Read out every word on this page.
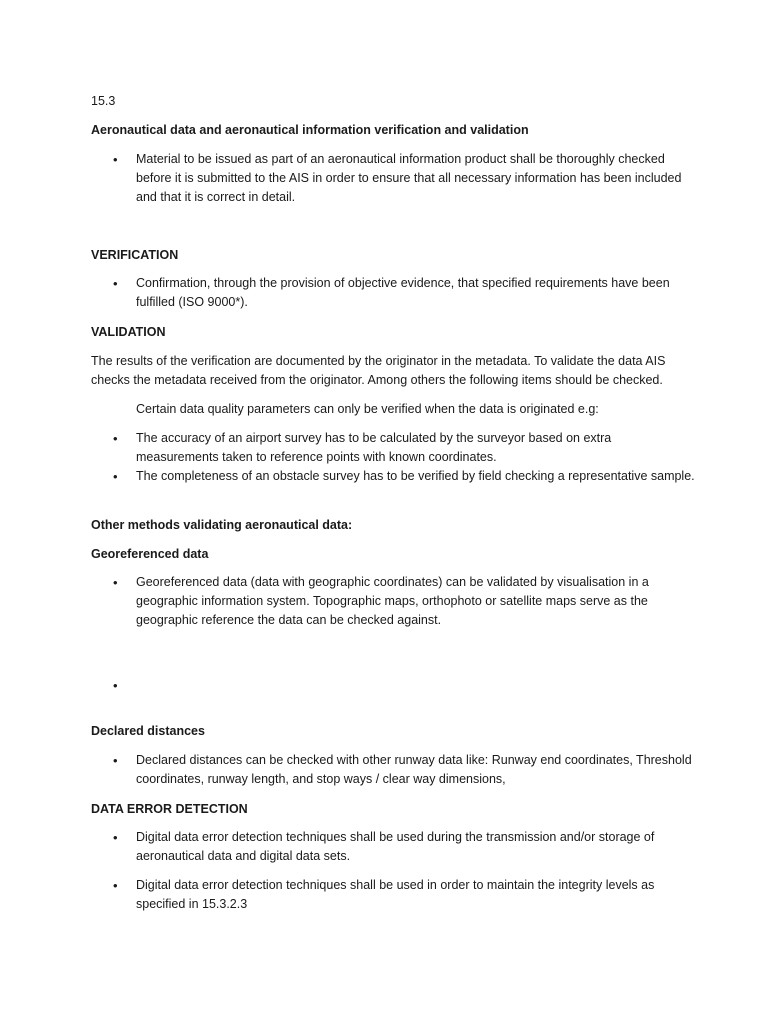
15.3

Aeronautical data and aeronautical information verification and validation

• Material to be issued as part of an aeronautical information product shall be thoroughly checked before it is submitted to the AIS in order to ensure that all necessary information has been included and that it is correct in detail.

VERIFICATION

• Confirmation, through the provision of objective evidence, that specified requirements have been fulfilled (ISO 9000*).

VALIDATION

The results of the verification are documented by the originator in the metadata. To validate the data AIS checks the metadata received from the originator. Among others the following items should be checked.

Certain data quality parameters can only be verified when the data is originated e.g:

• The accuracy of an airport survey has to be calculated by the surveyor based on extra measurements taken to reference points with known coordinates.

• The completeness of an obstacle survey has to be verified by field checking a representative sample.

Other methods validating aeronautical data:

Georeferenced data

• Georeferenced data (data with geographic coordinates) can be validated by visualisation in a geographic information system. Topographic maps, orthophoto or satellite maps serve as the geographic reference the data can be checked against.

•

Declared distances

• Declared distances can be checked with other runway data like: Runway end coordinates, Threshold coordinates, runway length, and stop ways / clear way dimensions,

DATA ERROR DETECTION

• Digital data error detection techniques shall be used during the transmission and/or storage of aeronautical data and digital data sets.

• Digital data error detection techniques shall be used in order to maintain the integrity levels as specified in 15.3.2.3
